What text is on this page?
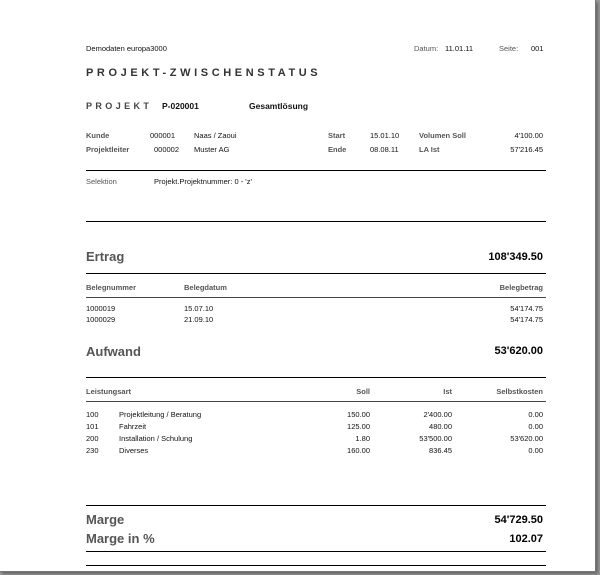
Demodaten europa3000	Datum: 11.01.11	Seite: 001
PROJEKT-ZWISCHENSTATUS
PROJEKT P-020001	Gesamtlösung
Kunde	000001	Naas / Zaoui	Start	15.01.10	Volumen Soll	4'100.00
Projektleiter	000002 Muster AG	Ende	08.08.11	LA Ist	57'216.45
Selektion	Projekt.Projektnummer: 0 - 'z'
Ertrag	108'349.50
Belegnummer	Belegdatum	Belegbetrag
1000019	15.07.10	54'174.75
1000029	21.09.10	54'174.75
Aufwand	53'620.00
Leistungsart	Soll	Ist	Selbstkosten
100	Projektleitung / Beratung	150.00	2'400.00	0.00
101	Fahrzeit	125.00	480.00	0.00
200	Installation / Schulung	1.80	53'500.00	53'620.00
230	Diverses	160.00	836.45	0.00
Marge	54'729.50
Marge in %	102.07
